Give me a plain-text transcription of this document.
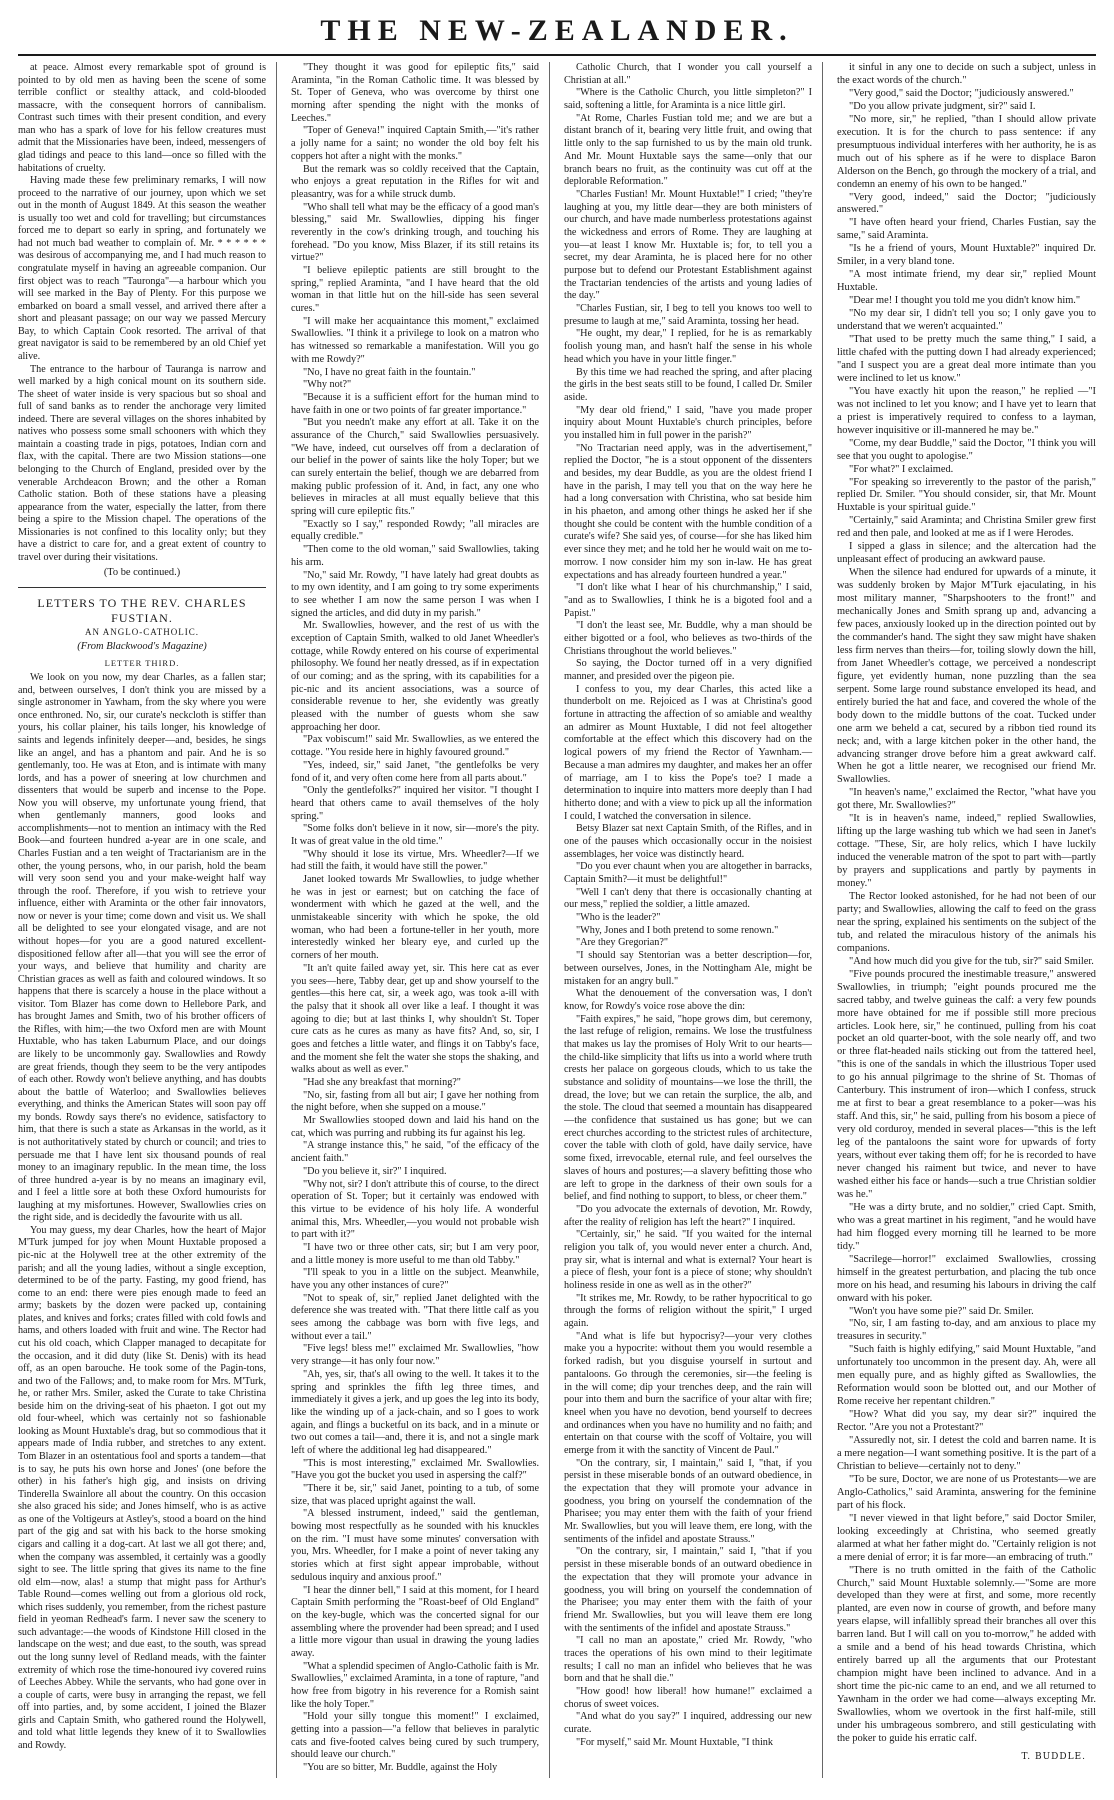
THE NEW-ZEALANDER.

at peace. Almost every remarkable spot of ground is pointed to by old men as having been the scene of some terrible conflict or stealthy attack, and cold-blooded massacre, with the consequent horrors of cannibalism. Contrast such times with their present condition, and every man who has a spark of love for his fellow creatures must admit that the Missionaries have been, indeed, messengers of glad tidings and peace to this land—once so filled with the habitations of cruelty.

Having made these few preliminary remarks, I will now proceed to the narrative of our journey, upon which we set out in the month of August 1849. At this season the weather is usually too wet and cold for travelling; but circumstances forced me to depart so early in spring, and fortunately we had not much bad weather to complain of. Mr. * * * * * * was desirous of accompanying me, and I had much reason to congratulate myself in having an agreeable companion. Our first object was to reach "Tauronga"—a harbour which you will see marked in the Bay of Plenty. For this purpose we embarked on board a small vessel, and arrived there after a short and pleasant passage; on our way we passed Mercury Bay, to which Captain Cook resorted. The arrival of that great navigator is said to be remembered by an old Chief yet alive.

The entrance to the harbour of Tauranga is narrow and well marked by a high conical mount on its southern side. The sheet of water inside is very spacious but so shoal and full of sand banks as to render the anchorage very limited indeed. There are several villages on the shores inhabited by natives who possess some small schooners with which they maintain a coasting trade in pigs, potatoes, Indian corn and flax, with the capital. There are two Mission stations—one belonging to the Church of England, presided over by the venerable Archdeacon Brown; and the other a Roman Catholic station. Both of these stations have a pleasing appearance from the water, especially the latter, from there being a spire to the Mission chapel. The operations of the Missionaries is not confined to this locality only; but they have a district to care for, and a great extent of country to travel over during their visitations.

(To be continued.)
LETTERS TO THE REV. CHARLES FUSTIAN.
AN ANGLO-CATHOLIC.
(From Blackwood's Magazine)
LETTER THIRD.

We look on you now, my dear Charles, as a fallen star; and, between ourselves, I don't think you are missed by a single astronomer in Yawham, from the sky where you were once enthroned. No, sir, our curate's neckcloth is stiffer than yours, his collar plainer, his tails longer, his knowledge of saints and legends infinitely deeper—and, besides, he sings like an angel, and has a phantom and pair. And he is so gentlemanly, too. He was at Eton, and is intimate with many lords, and has a power of sneering at low churchmen and dissenters that would be superb and incense to the Pope. Now you will observe, my unfortunate young friend, that when gentlemanly manners, good looks and accomplishments—not to mention an intimacy with the Red Book—and fourteen hundred a-year are in one scale, and Charles Fustian and a ten weight of Tractarianism are in the other, the young persons, who, in our parish, hold the beam will very soon send you and your make-weight half way through the roof. Therefore, if you wish to retrieve your influence, either with Araminta or the other fair innovators, now or never is your time; come down and visit us. We shall all be delighted to see your elongated visage, and are not without hopes—for you are a good natured excellent-dispositioned fellow after all—that you will see the error of your ways, and believe that humility and charity are Christian graces as well as faith and coloured windows. It so happens that there is scarcely a house in the place without a visitor. Tom Blazer has come down to Hellebore Park, and has brought James and Smith, two of his brother officers of the Rifles, with him;—the two Oxford men are with Mount Huxtable, who has taken Laburnum Place, and our doings are likely to be uncommonly gay. Swallowlies and Rowdy are great friends, though they seem to be the very antipodes of each other. Rowdy won't believe anything, and has doubts about the battle of Waterloo; and Swallowlies believes everything, and thinks the American States will soon pay off my bonds. Rowdy says there's no evidence, satisfactory to him, that there is such a state as Arkansas in the world, as it is not authoritatively stated by church or council; and tries to persuade me that I have lent six thousand pounds of real money to an imaginary republic. In the mean time, the loss of three hundred a-year is by no means an imaginary evil, and I feel a little sore at both these Oxford humourists for laughing at my misfortunes. However, Swallowlies cries on the right side, and is decidedly the favourite with us all.

You may guess, my dear Charles, how the heart of Major M'Turk jumped for joy when Mount Huxtable proposed a pic-nic at the Holywell tree at the other extremity of the parish; and all the young ladies, without a single exception, determined to be of the party. Fasting, my good friend, has come to an end: there were pies enough made to feed an army; baskets by the dozen were packed up, containing plates, and knives and forks; crates filled with cold fowls and hams, and others loaded with fruit and wine. The Rector had cut his old coach, which Clapper managed to decapitate for the occasion, and it did duty (like St. Denis) with its head off, as an open barouche. He took some of the Pagin-tons, and two of the Fallows; and, to make room for Mrs. M'Turk, he, or rather Mrs. Smiler, asked the Curate to take Christina beside him on the driving-seat of his phaeton. I got out my old four-wheel, which was certainly not so fashionable looking as Mount Huxtable's drag, but so commodious that it appears made of India rubber, and stretches to any extent. Tom Blazer in an ostentatious fool and sports a tandem—that is to say, he puts his own horse and Jones' (one before the other) in his father's high gig, and insists on driving Tinderella Swainlore all about the country. On this occasion she also graced his side; and Jones himself, who is as active as one of the Voltigeurs at Astley's, stood a board on the hind part of the gig and sat with his back to the horse smoking cigars and calling it a dog-cart. At last we all got there; and, when the company was assembled, it certainly was a goodly sight to see. The little spring that gives its name to the fine old elm—now, alas! a stump that might pass for Arthur's Table Round—comes welling out from a glorious old rock, which rises suddenly, you remember, from the richest pasture field in yeoman Redhead's farm. I never saw the scenery to such advantage:—the woods of Kindstone Hill closed in the landscape on the west; and due east, to the south, was spread out the long sunny level of Redland meads, with the fainter extremity of which rose the time-honoured ivy covered ruins of Leeches Abbey. While the servants, who had gone over in a couple of carts, were busy in arranging the repast, we fell off into parties, and, by some accident, I joined the Blazer girls and Captain Smith, who gathered round the Holywell, and told what little legends they knew of it to Swallowlies and Rowdy.

"They thought it was good for epileptic fits," said Araminta, "in the Roman Catholic time. It was blessed by St. Toper of Geneva, who was overcome by thirst one morning after spending the night with the monks of Leeches."

"Toper of Geneva!" inquired Captain Smith,—"it's rather a jolly name for a saint; no wonder the old boy felt his coppers hot after a night with the monks."

But the remark was so coldly received that the Captain, who enjoys a great reputation in the Rifles for wit and pleasantry, was for a while struck dumb.

"Who shall tell what may be the efficacy of a good man's blessing," said Mr. Swallowlies, dipping his finger reverently in the cow's drinking trough, and touching his forehead. "Do you know, Miss Blazer, if its still retains its virtue?"

"I believe epileptic patients are still brought to the spring," replied Araminta, "and I have heard that the old woman in that little hut on the hill-side has seen several cures."

"I will make her acquaintance this moment," exclaimed Swallowlies. "I think it a privilege to look on a matron who has witnessed so remarkable a manifestation. Will you go with me Rowdy?"

"No, I have no great faith in the fountain."

"Why not?"

"Because it is a sufficient effort for the human mind to have faith in one or two points of far greater importance."

"But you needn't make any effort at all. Take it on the assurance of the Church," said Swallowlies persuasively. "We have, indeed, cut ourselves off from a declaration of our belief in the power of saints like the holy Toper; but we can surely entertain the belief, though we are debarred from making public profession of it. And, in fact, any one who believes in miracles at all must equally believe that this spring will cure epileptic fits."

"Exactly so I say," responded Rowdy; "all miracles are equally credible."

"Then come to the old woman," said Swallowlies, taking his arm.

"No," said Mr. Rowdy, "I have lately had great doubts as to my own identity, and I am going to try some experiments to see whether I am now the same person I was when I signed the articles, and did duty in my parish."

Mr. Swallowlies, however, and the rest of us with the exception of Captain Smith, walked to old Janet Wheedler's cottage, while Rowdy entered on his course of experimental philosophy. We found her neatly dressed, as if in expectation of our coming; and as the spring, with its capabilities for a pic-nic and its ancient associations, was a source of considerable revenue to her, she evidently was greatly pleased with the number of guests whom she saw approaching her door.

"Pax vobiscum!" said Mr. Swallowlies, as we entered the cottage. "You reside here in highly favoured ground."

"Yes, indeed, sir," said Janet, "the gentlefolks be very fond of it, and very often come here from all parts about."

"Only the gentlefolks?" inquired her visitor. "I thought I heard that others came to avail themselves of the holy spring."

"Some folks don't believe in it now, sir—more's the pity. It was of great value in the old time."

"Why should it lose its virtue, Mrs. Wheedler?—If we had still the faith, it would have still the power."

Janet looked towards Mr Swallowlies, to judge whether he was in jest or earnest; but on catching the face of wonderment with which he gazed at the well, and the unmistakeable sincerity with which he spoke, the old woman, who had been a fortune-teller in her youth, more interestedly winked her bleary eye, and curled up the corners of her mouth.

"It an't quite failed away yet, sir. This here cat as ever you sees—here, Tabby dear, get up and show yourself to the gentles—this here cat, sir, a week ago, was took a-ill with the palsy that it shook all over like a leaf. I thought it was agoing to die; but at last thinks I, why shouldn't St. Toper cure cats as he cures as many as have fits? And, so, sir, I goes and fetches a little water, and flings it on Tabby's face, and the moment she felt the water she stops the shaking, and walks about as well as ever."

"Had she any breakfast that morning?"

"No, sir, fasting from all but air; I gave her nothing from the night before, when she supped on a mouse."

Mr Swallowlies stooped down and laid his hand on the cat, which was purring and rubbing its fur against his leg.

"A strange instance this," he said, "of the efficacy of the ancient faith."

"Do you believe it, sir?" I inquired.

"Why not, sir? I don't attribute this of course, to the direct operation of St. Toper; but it certainly was endowed with this virtue to be evidence of his holy life. A wonderful animal this, Mrs. Wheedler,—you would not probable wish to part with it?"

"I have two or three other cats, sir; but I am very poor, and a little money is more useful to me than old Tabby."

"I'll speak to you in a little on the subject. Meanwhile, have you any other instances of cure?"

"Not to speak of, sir," replied Janet delighted with the deference she was treated with. "That there little calf as you sees among the cabbage was born with five legs, and without ever a tail."

"Five legs! bless me!" exclaimed Mr. Swallowlies, "how very strange—it has only four now."

"Ah, yes, sir, that's all owing to the well. It takes it to the spring and sprinkles the fifth leg three times, and immediately it gives a jerk, and up goes the leg into its body, like the winding up of a jack-chain, and so I goes to work again, and flings a bucketful on its back, and in a minute or two out comes a tail—and, there it is, and not a single mark left of where the additional leg had disappeared."

"This is most interesting," exclaimed Mr. Swallowlies. "Have you got the bucket you used in aspersing the calf?"

"There it be, sir," said Janet, pointing to a tub, of some size, that was placed upright against the wall.

"A blessed instrument, indeed," said the gentleman, bowing most respectfully as he sounded with his knuckles on the rim. "I must have some minutes' conversation with you, Mrs. Wheedler, for I make a point of never taking any stories which at first sight appear improbable, without sedulous inquiry and anxious proof."

"I hear the dinner bell," I said at this moment, for I heard Captain Smith performing the "Roast-beef of Old England" on the key-bugle, which was the concerted signal for our assembling where the provender had been spread; and I used a little more vigour than usual in drawing the young ladies away.

"What a splendid specimen of Anglo-Catholic faith is Mr. Swallowlies," exclaimed Araminta, in a tone of rapture, "and how free from bigotry in his reverence for a Romish saint like the holy Toper."

"Hold your silly tongue this moment!" I exclaimed, getting into a passion—"a fellow that believes in paralytic cats and five-footed calves being cured by such trumpery, should leave our church."

"You are so bitter, Mr. Buddle, against the Holy

Catholic Church, that I wonder you call yourself a Christian at all."

"Where is the Catholic Church, you little simpleton?" I said, softening a little, for Araminta is a nice little girl.

"At Rome, Charles Fustian told me; and we are but a distant branch of it, bearing very little fruit, and owing that little only to the sap furnished to us by the main old trunk. And Mr. Mount Huxtable says the same—only that our branch bears no fruit, as the continuity was cut off at the deplorable Reformation."

"Charles Fustian! Mr. Mount Huxtable!" I cried; "they're laughing at you, my little dear—they are both ministers of our church, and have made numberless protestations against the wickedness and errors of Rome. They are laughing at you—at least I know Mr. Huxtable is; for, to tell you a secret, my dear Araminta, he is placed here for no other purpose but to defend our Protestant Establishment against the Tractarian tendencies of the artists and young ladies of the day."

"Charles Fustian, sir, I beg to tell you knows too well to presume to laugh at me," said Araminta, tossing her head.

"He ought, my dear," I replied, for he is as remarkably foolish young man, and hasn't half the sense in his whole head which you have in your little finger."

By this time we had reached the spring, and after placing the girls in the best seats still to be found, I called Dr. Smiler aside.

"My dear old friend," I said, "have you made proper inquiry about Mount Huxtable's church principles, before you installed him in full power in the parish?"

"No Tractarian need apply, was in the advertisement," replied the Doctor, "he is a stout opponent of the dissenters and besides, my dear Buddle, as you are the oldest friend I have in the parish, I may tell you that on the way here he had a long conversation with Christina, who sat beside him in his phaeton, and among other things he asked her if she thought she could be content with the humble condition of a curate's wife? She said yes, of course—for she has liked him ever since they met; and he told her he would wait on me to-morrow. I now consider him my son in-law. He has great expectations and has already fourteen hundred a year."

"I don't like what I hear of his churchmanship," I said, "and as to Swallowlies, I think he is a bigoted fool and a Papist."

"I don't the least see, Mr. Buddle, why a man should be either bigotted or a fool, who believes as two-thirds of the Christians throughout the world believes."

So saying, the Doctor turned off in a very dignified manner, and presided over the pigeon pie.

I confess to you, my dear Charles, this acted like a thunderbolt on me. Rejoiced as I was at Christina's good fortune in attracting the affection of so amiable and wealthy an admirer as Mount Huxtable, I did not feel altogether comfortable at the effect which this discovery had on the logical powers of my friend the Rector of Yawnham.—Because a man admires my daughter, and makes her an offer of marriage, am I to kiss the Pope's toe? I made a determination to inquire into matters more deeply than I had hitherto done; and with a view to pick up all the information I could, I watched the conversation in silence.

Betsy Blazer sat next Captain Smith, of the Rifles, and in one of the pauses which occasionally occur in the noisiest assemblages, her voice was distinctly heard.

"Do you ever chaunt when you are altogether in barracks, Captain Smith?—it must be delightful!"

"Well I can't deny that there is occasionally chanting at our mess," replied the soldier, a little amazed.

"Who is the leader?"

"Why, Jones and I both pretend to some renown."

"Are they Gregorian?"

"I should say Stentorian was a better description—for, between ourselves, Jones, in the Nottingham Ale, might be mistaken for an angry bull."

What the denouement of the conversation was, I don't know, for Rowdy's voice rose above the din:

"Faith expires," he said, "hope grows dim, but ceremony, the last refuge of religion, remains. We lose the trustfulness that makes us lay the promises of Holy Writ to our hearts—the child-like simplicity that lifts us into a world where truth crests her palace on gorgeous clouds, which to us take the substance and solidity of mountains—we lose the thrill, the dread, the love; but we can retain the surplice, the alb, and the stole. The cloud that seemed a mountain has disappeared—the confidence that sustained us has gone; but we can erect churches according to the strictest rules of architecture, cover the table with cloth of gold, have daily service, have some fixed, irrevocable, eternal rule, and feel ourselves the slaves of hours and postures;—a slavery befitting those who are left to grope in the darkness of their own souls for a belief, and find nothing to support, to bless, or cheer them."

"Do you advocate the externals of devotion, Mr. Rowdy, after the reality of religion has left the heart?" I inquired.

"Certainly, sir," he said. "If you waited for the internal religion you talk of, you would never enter a church. And, pray sir, what is internal and what is external? Your heart is a piece of flesh, your font is a piece of stone; why shouldn't holiness reside in one as well as in the other?"

"It strikes me, Mr. Rowdy, to be rather hypocritical to go through the forms of religion without the spirit," I urged again.

"And what is life but hypocrisy?—your very clothes make you a hypocrite: without them you would resemble a forked radish, but you disguise yourself in surtout and pantaloons. Go through the ceremonies, sir—the feeling is in the will come; dip your trenches deep, and the rain will pour into them and burn the sacrifice of your altar with fire; kneel when you have no devotion, bend yourself to decrees and ordinances when you have no humility and no faith; and entertain on that course with the scoff of Voltaire, you will emerge from it with the sanctity of Vincent de Paul."

"On the contrary, sir, I maintain," said I, "that, if you persist in these miserable bonds of an outward obedience, in the expectation that they will promote your advance in goodness, you bring on yourself the condemnation of the Pharisee; you may enter them with the faith of your friend Mr. Swallowlies, but you will leave them, ere long, with the sentiments of the infidel and apostate Strauss."

"On the contrary, sir, I maintain," said I, "that if you persist in these miserable bonds of an outward obedience in the expectation that they will promote your advance in goodness, you will bring on yourself the condemnation of the Pharisee; you may enter them with the faith of your friend Mr. Swallowlies, but you will leave them ere long with the sentiments of the infidel and apostate Strauss."

"I call no man an apostate," cried Mr. Rowdy, "who traces the operations of his own mind to their legitimate results; I call no man an infidel who believes that he was born and that he shall die."

"How good! how liberal! how humane!" exclaimed a chorus of sweet voices.

"And what do you say?" I inquired, addressing our new curate.

"For myself," said Mr. Mount Huxtable, "I think

it sinful in any one to decide on such a subject, unless in the exact words of the church."

"Very good," said the Doctor; "judiciously answered."

"Do you allow private judgment, sir?" said I.

"No more, sir," he replied, "than I should allow private execution. It is for the church to pass sentence: if any presumptuous individual interferes with her authority, he is as much out of his sphere as if he were to displace Baron Alderson on the Bench, go through the mockery of a trial, and condemn an enemy of his own to be hanged."

"Very good, indeed," said the Doctor; "judiciously answered."

"I have often heard your friend, Charles Fustian, say the same," said Araminta.

"Is he a friend of yours, Mount Huxtable?" inquired Dr. Smiler, in a very bland tone.

"A most intimate friend, my dear sir," replied Mount Huxtable.

"Dear me! I thought you told me you didn't know him."

"No my dear sir, I didn't tell you so; I only gave you to understand that we weren't acquainted."

"That used to be pretty much the same thing," I said, a little chafed with the putting down I had already experienced; "and I suspect you are a great deal more intimate than you were inclined to let us know."

"You have exactly hit upon the reason," he replied —"I was not inclined to let you know; and I have yet to learn that a priest is imperatively required to confess to a layman, however inquisitive or ill-mannered he may be."

"Come, my dear Buddle," said the Doctor, "I think you will see that you ought to apologise."

"For what?" I exclaimed.

"For speaking so irreverently to the pastor of the parish," replied Dr. Smiler. "You should consider, sir, that Mr. Mount Huxtable is your spiritual guide."

"Certainly," said Araminta; and Christina Smiler grew first red and then pale, and looked at me as if I were Herodes.

I sipped a glass in silence; and the altercation had the unpleasant effect of producing an awkward pause.

When the silence had endured for upwards of a minute, it was suddenly broken by Major M'Turk ejaculating, in his most military manner, "Sharpshooters to the front!" and mechanically Jones and Smith sprang up and, advancing a few paces, anxiously looked up in the direction pointed out by the commander's hand. The sight they saw might have shaken less firm nerves than theirs—for, toiling slowly down the hill, from Janet Wheedler's cottage, we perceived a nondescript figure, yet evidently human, none puzzling than the sea serpent. Some large round substance enveloped its head, and entirely buried the hat and face, and covered the whole of the body down to the middle buttons of the coat. Tucked under one arm we beheld a cat, secured by a ribbon tied round its neck; and, with a large kitchen poker in the other hand, the advancing stranger drove before him a great awkward calf. When he got a little nearer, we recognised our friend Mr. Swallowlies.

"In heaven's name," exclaimed the Rector, "what have you got there, Mr. Swallowlies?"

"It is in heaven's name, indeed," replied Swallowlies, lifting up the large washing tub which we had seen in Janet's cottage. "These, Sir, are holy relics, which I have luckily induced the venerable matron of the spot to part with—partly by prayers and supplications and partly by payments in money."

The Rector looked astonished, for he had not been of our party; and Swallowlies, allowing the calf to feed on the grass near the spring, explained his sentiments on the subject of the tub, and related the miraculous history of the animals his companions.

"And how much did you give for the tub, sir?" said Smiler.

"Five pounds procured the inestimable treasure," answered Swallowlies, in triumph; "eight pounds procured me the sacred tabby, and twelve guineas the calf: a very few pounds more have obtained for me if possible still more precious articles. Look here, sir," he continued, pulling from his coat pocket an old quarter-boot, with the sole nearly off, and two or three flat-headed nails sticking out from the tattered heel, "this is one of the sandals in which the illustrious Toper used to go his annual pilgrimage to the shrine of St. Thomas of Canterbury. This instrument of iron—which I confess, struck me at first to bear a great resemblance to a poker—was his staff. And this, sir," he said, pulling from his bosom a piece of very old corduroy, mended in several places—"this is the left leg of the pantaloons the saint wore for upwards of forty years, without ever taking them off; for he is recorded to have never changed his raiment but twice, and never to have washed either his face or hands—such a true Christian soldier was he."

"He was a dirty brute, and no soldier," cried Capt. Smith, who was a great martinet in his regiment, "and he would have had him flogged every morning till he learned to be more tidy."

"Sacrilege—horror!" exclaimed Swallowlies, crossing himself in the greatest perturbation, and placing the tub once more on his head, and resuming his labours in driving the calf onward with his poker.

"Won't you have some pie?" said Dr. Smiler.

"No, sir, I am fasting to-day, and am anxious to place my treasures in security."

"Such faith is highly edifying," said Mount Huxtable, "and unfortunately too uncommon in the present day. Ah, were all men equally pure, and as highly gifted as Swallowlies, the Reformation would soon be blotted out, and our Mother of Rome receive her repentant children."

"How? What did you say, my dear sir?" inquired the Rector. "Are you not a Protestant?"

"Assuredly not, sir. I detest the cold and barren name. It is a mere negation—I want something positive. It is the part of a Christian to believe—certainly not to deny."

"To be sure, Doctor, we are none of us Protestants—we are Anglo-Catholics," said Araminta, answering for the feminine part of his flock.

"I never viewed in that light before," said Doctor Smiler, looking exceedingly at Christina, who seemed greatly alarmed at what her father might do. "Certainly religion is not a mere denial of error; it is far more—an embracing of truth."

"There is no truth omitted in the faith of the Catholic Church," said Mount Huxtable solemnly.—"Some are more developed than they were at first, and some, more recently planted, are even now in course of growth, and before many years elapse, will infallibly spread their branches all over this barren land. But I will call on you to-morrow," he added with a smile and a bend of his head towards Christina, which entirely barred up all the arguments that our Protestant champion might have been inclined to advance. And in a short time the pic-nic came to an end, and we all returned to Yawnham in the order we had come—always excepting Mr. Swallowlies, whom we overtook in the first half-mile, still under his umbrageous sombrero, and still gesticulating with the poker to guide his erratic calf.

T. BUDDLE.
